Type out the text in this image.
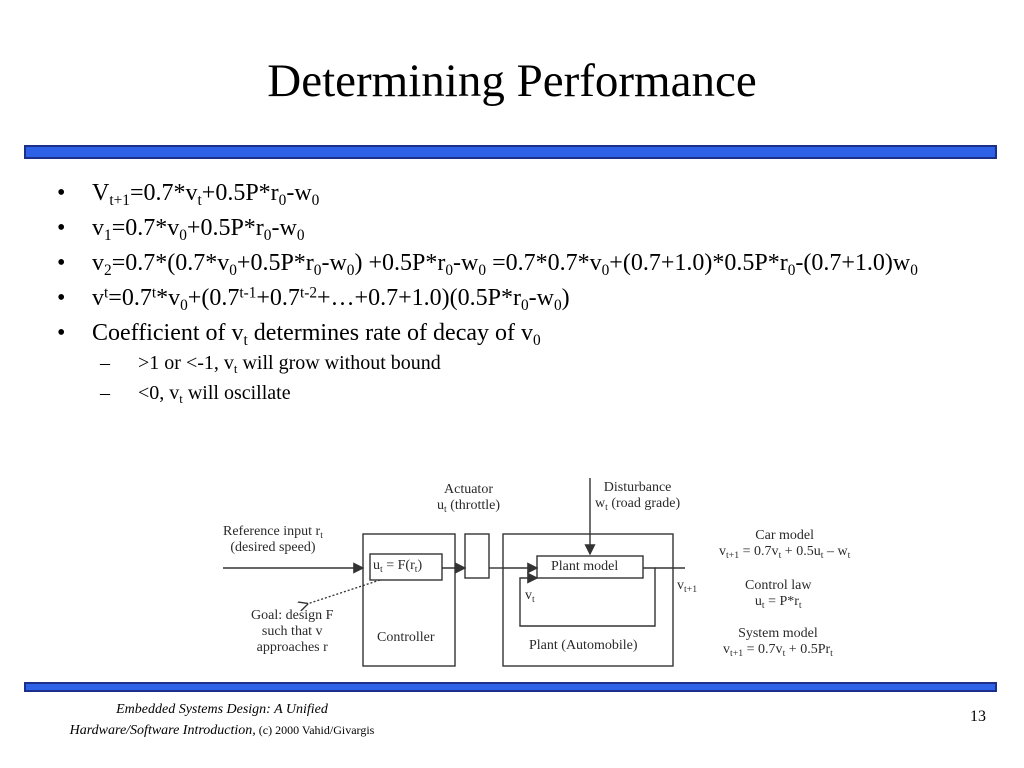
Determining Performance
• $V_{t+1}=0.7*v_t+0.5P*r_0-w_0$
• $v_1=0.7*v_0+0.5P*r_0-w_0$
• $v_2=0.7*(0.7*v_0+0.5P*r_0-w_0) +0.5P*r_0-w_0 =0.7*0.7*v_0+(0.7+1.0)*0.5P*r_0-(0.7+1.0)w_0$
• $v^t=0.7^t*v_0+(0.7^{t-1}+0.7^{t-2}+\dots+0.7+1.0)(0.5P*r_0-w_0)$
• Coefficient of $v_t$ determines rate of decay of $v_0$
– >1 or <-1, $v_t$ will grow without bound
– <0, $v_t$ will oscillate
Actuator
$u_t$ (throttle)
Disturbance
$w_t$ (road grade)
Reference input $r_t$
(desired speed)
$u_t = F(r_t)$	Plant model
$v_t$
$v_{t+1}$
Goal: design F
such that v
approaches r
Controller
Plant (Automobile)
Car model
$v_{t+1} = 0.7v_t + 0.5u_t - w_t$
Control law
$u_t = P*r_t$
System model
$v_{t+1} = 0.7v_t + 0.5Pr_t$
Embedded Systems Design: A Unified
Hardware/Software Introduction, (c) 2000 Vahid/Givargis
13
